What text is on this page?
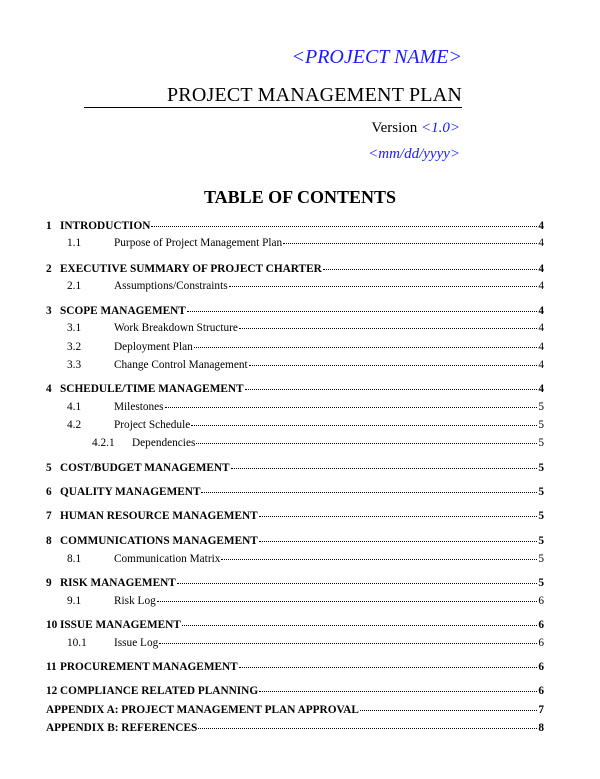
<PROJECT NAME>
PROJECT MANAGEMENT PLAN
Version <1.0>
<mm/dd/yyyy>
TABLE OF CONTENTS
1 INTRODUCTION	4
1.1	Purpose of Project Management Plan	4
2 EXECUTIVE SUMMARY OF PROJECT CHARTER	4
2.1	Assumptions/Constraints	4
3 SCOPE MANAGEMENT	4
3.1	Work Breakdown Structure	4
3.2	Deployment Plan	4
3.3	Change Control Management	4
4 SCHEDULE/TIME MANAGEMENT	4
4.1	Milestones	5
4.2	Project Schedule	5
4.2.1	Dependencies	5
5 COST/BUDGET MANAGEMENT	5
6 QUALITY MANAGEMENT	5
7 HUMAN RESOURCE MANAGEMENT	5
8 COMMUNICATIONS MANAGEMENT	5
8.1	Communication Matrix	5
9 RISK MANAGEMENT	5
9.1	Risk Log	6
10 ISSUE MANAGEMENT	6
10.1	Issue Log	6
11 PROCUREMENT MANAGEMENT	6
12 COMPLIANCE RELATED PLANNING	6
APPENDIX A: PROJECT MANAGEMENT PLAN APPROVAL	7
APPENDIX B: REFERENCES	8
